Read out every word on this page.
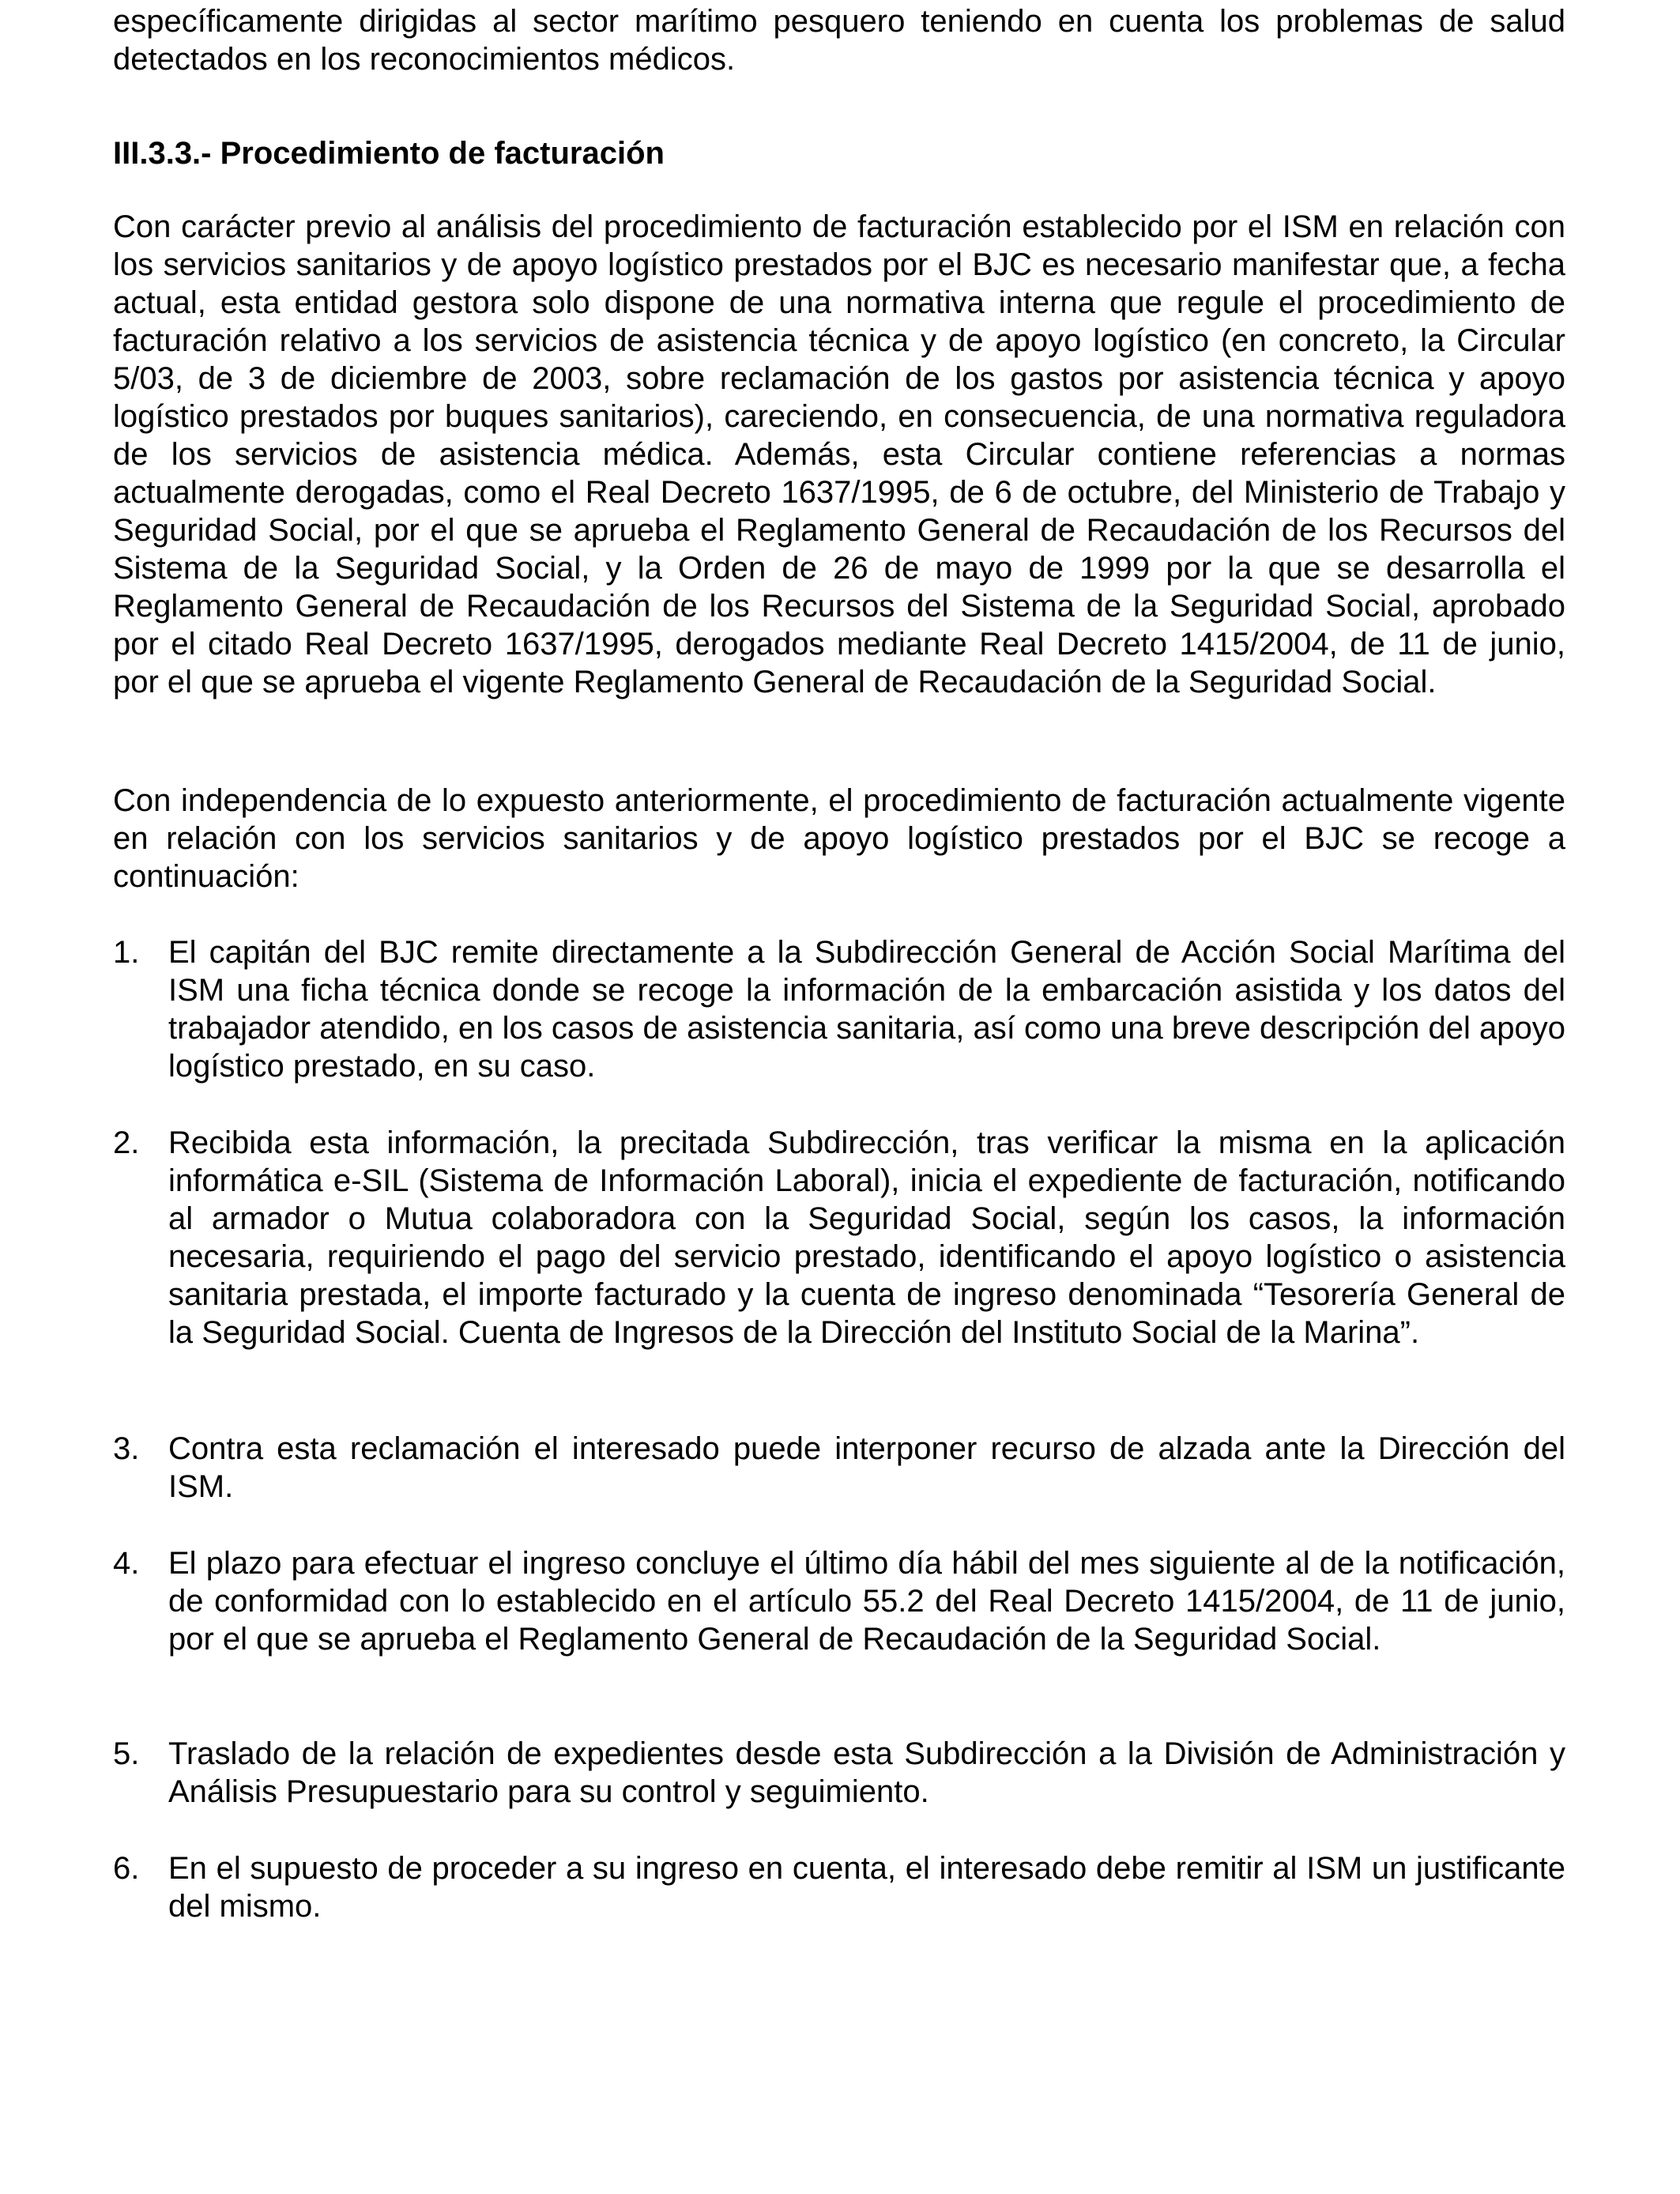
específicamente dirigidas al sector marítimo pesquero teniendo en cuenta los problemas de salud detectados en los reconocimientos médicos.

III.3.3.- Procedimiento de facturación

Con carácter previo al análisis del procedimiento de facturación establecido por el ISM en relación con los servicios sanitarios y de apoyo logístico prestados por el BJC es necesario manifestar que, a fecha actual, esta entidad gestora solo dispone de una normativa interna que regule el procedimiento de facturación relativo a los servicios de asistencia técnica y de apoyo logístico (en concreto, la Circular 5/03, de 3 de diciembre de 2003, sobre reclamación de los gastos por asistencia técnica y apoyo logístico prestados por buques sanitarios), careciendo, en consecuencia, de una normativa reguladora de los servicios de asistencia médica. Además, esta Circular contiene referencias a normas actualmente derogadas, como el Real Decreto 1637/1995, de 6 de octubre, del Ministerio de Trabajo y Seguridad Social, por el que se aprueba el Reglamento General de Recaudación de los Recursos del Sistema de la Seguridad Social, y la Orden de 26 de mayo de 1999 por la que se desarrolla el Reglamento General de Recaudación de los Recursos del Sistema de la Seguridad Social, aprobado por el citado Real Decreto 1637/1995, derogados mediante Real Decreto 1415/2004, de 11 de junio, por el que se aprueba el vigente Reglamento General de Recaudación de la Seguridad Social.

Con independencia de lo expuesto anteriormente, el procedimiento de facturación actualmente vigente en relación con los servicios sanitarios y de apoyo logístico prestados por el BJC se recoge a continuación:

1. El capitán del BJC remite directamente a la Subdirección General de Acción Social Marítima del ISM una ficha técnica donde se recoge la información de la embarcación asistida y los datos del trabajador atendido, en los casos de asistencia sanitaria, así como una breve descripción del apoyo logístico prestado, en su caso.
2. Recibida esta información, la precitada Subdirección, tras verificar la misma en la aplicación informática e-SIL (Sistema de Información Laboral), inicia el expediente de facturación, notificando al armador o Mutua colaboradora con la Seguridad Social, según los casos, la información necesaria, requiriendo el pago del servicio prestado, identificando el apoyo logístico o asistencia sanitaria prestada, el importe facturado y la cuenta de ingreso denominada “Tesorería General de la Seguridad Social. Cuenta de Ingresos de la Dirección del Instituto Social de la Marina”.
3. Contra esta reclamación el interesado puede interponer recurso de alzada ante la Dirección del ISM.
4. El plazo para efectuar el ingreso concluye el último día hábil del mes siguiente al de la notificación, de conformidad con lo establecido en el artículo 55.2 del Real Decreto 1415/2004, de 11 de junio, por el que se aprueba el Reglamento General de Recaudación de la Seguridad Social.
5. Traslado de la relación de expedientes desde esta Subdirección a la División de Administración y Análisis Presupuestario para su control y seguimiento.
6. En el supuesto de proceder a su ingreso en cuenta, el interesado debe remitir al ISM un justificante del mismo.
